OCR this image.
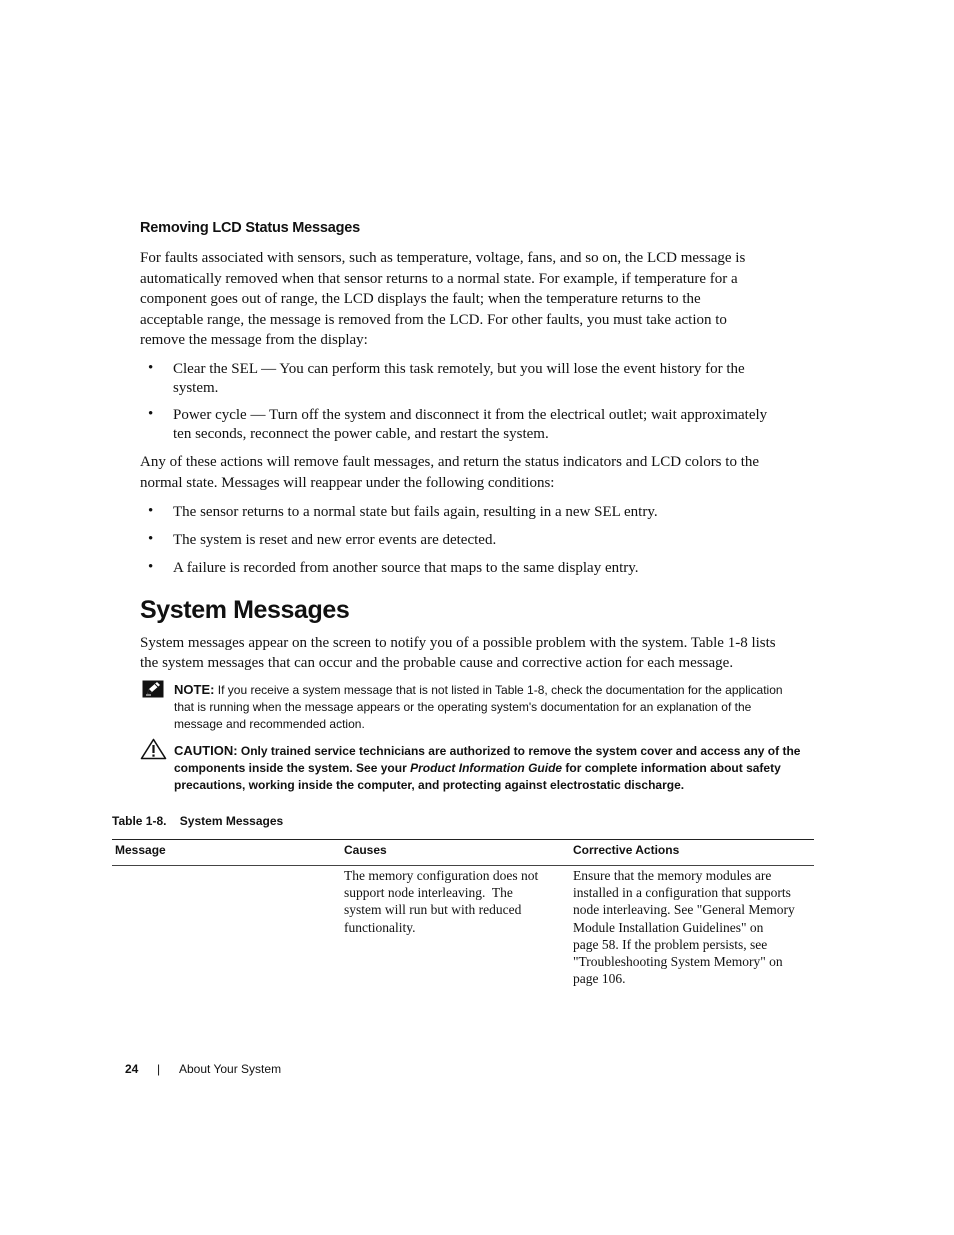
Removing LCD Status Messages
For faults associated with sensors, such as temperature, voltage, fans, and so on, the LCD message is
automatically removed when that sensor returns to a normal state. For example, if temperature for a
component goes out of range, the LCD displays the fault; when the temperature returns to the
acceptable range, the message is removed from the LCD. For other faults, you must take action to
remove the message from the display:
• Clear the SEL — You can perform this task remotely, but you will lose the event history for the
system.
• Power cycle — Turn off the system and disconnect it from the electrical outlet; wait approximately
ten seconds, reconnect the power cable, and restart the system.
Any of these actions will remove fault messages, and return the status indicators and LCD colors to the
normal state. Messages will reappear under the following conditions:
• The sensor returns to a normal state but fails again, resulting in a new SEL entry.
• The system is reset and new error events are detected.
• A failure is recorded from another source that maps to the same display entry.
System Messages
System messages appear on the screen to notify you of a possible problem with the system. Table 1-8 lists
the system messages that can occur and the probable cause and corrective action for each message.
NOTE: If you receive a system message that is not listed in Table 1-8, check the documentation for the application
that is running when the message appears or the operating system's documentation for an explanation of the
message and recommended action.
CAUTION: Only trained service technicians are authorized to remove the system cover and access any of the
components inside the system. See your Product Information Guide for complete information about safety
precautions, working inside the computer, and protecting against electrostatic discharge.
Table 1-8.    System Messages
Message	Causes	Corrective Actions
The memory configuration does not
support node interleaving.  The
system will run but with reduced
functionality.
Ensure that the memory modules are
installed in a configuration that supports
node interleaving. See "General Memory
Module Installation Guidelines" on
page 58. If the problem persists, see
"Troubleshooting System Memory" on
page 106.
24 | About Your System
